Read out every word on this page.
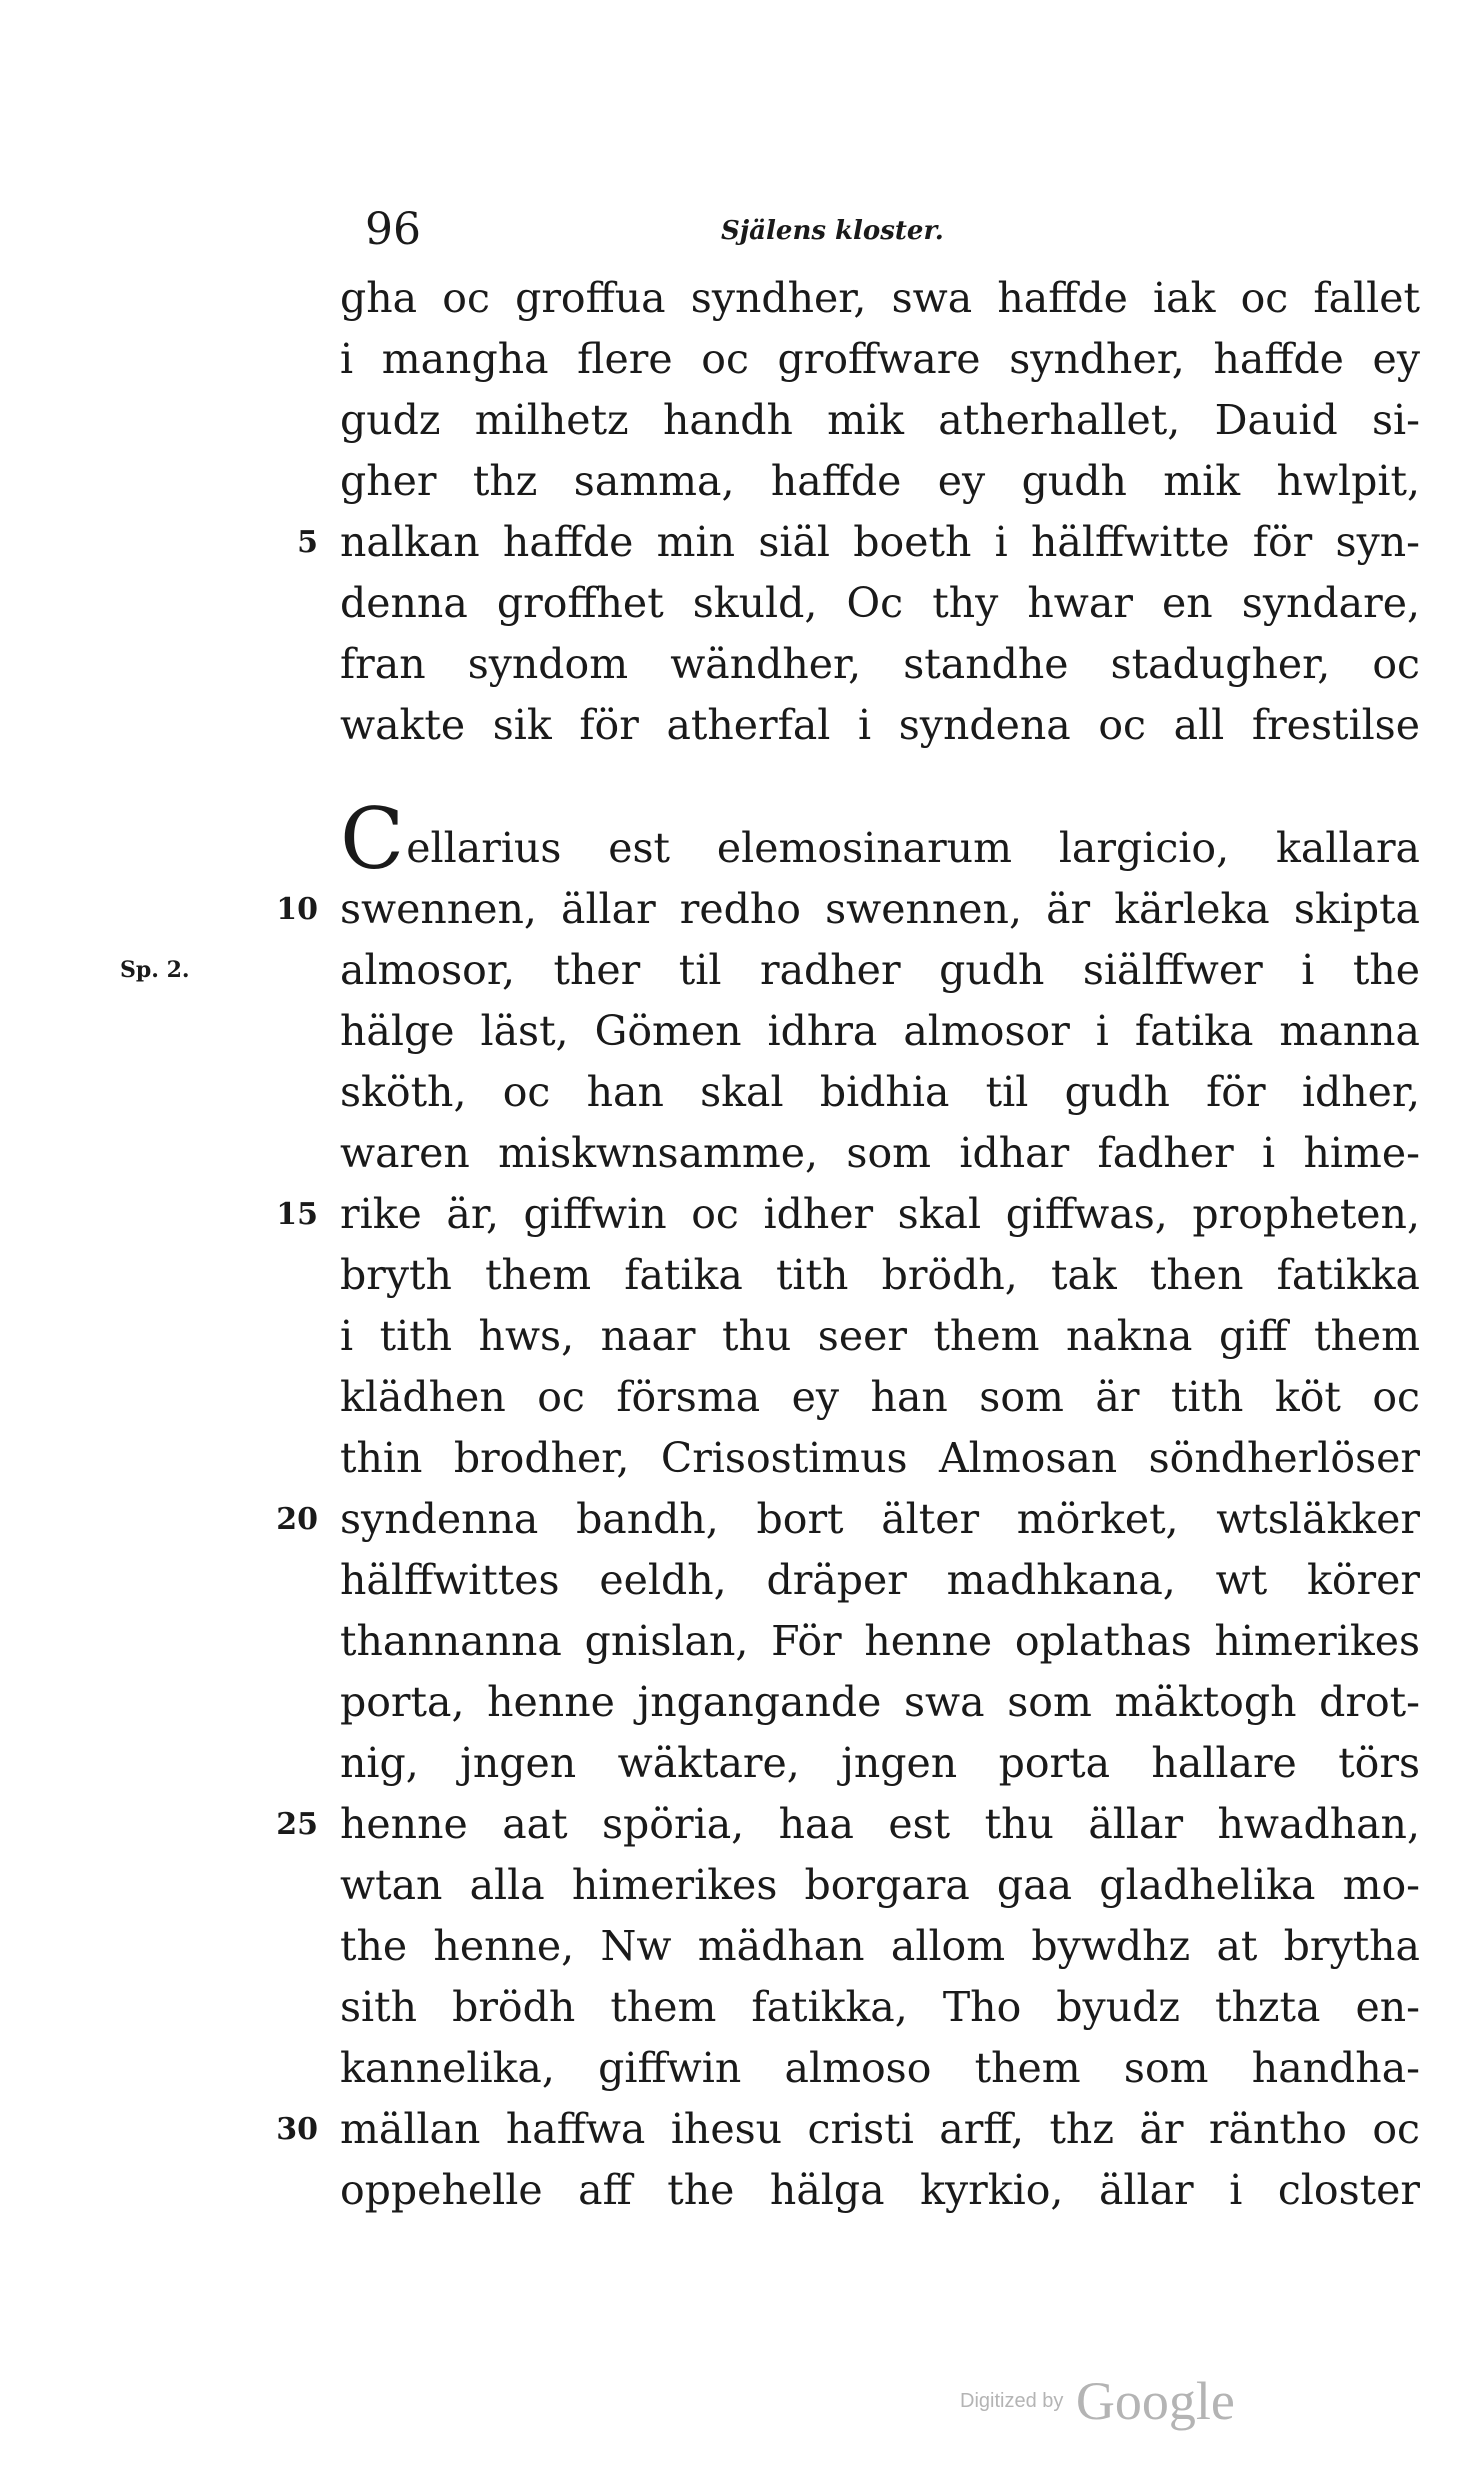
96	Själens kloster.
gha oc groffua syndher, swa haffde iak oc fallet
i mangha flere oc groffware syndher, haffde ey
gudz milhetz handh mik atherhallet, Dauid si-
gher thz samma, haffde ey gudh mik hwlpit,
5 nalkan haffde min siäl boeth i hälffwitte för syn-
denna groffhet skuld, Oc thy hwar en syndare,
fran syndom wändher, standhe stadugher, oc
wakte sik för atherfal i syndena oc all frestilse
Cellarius est elemosinarum largicio, kallara
10 swennen, ällar redho swennen, är kärleka skipta
Sp. 2.	almosor, ther til radher gudh siälffwer i the
hälge läst, Gömen idhra almosor i fatika manna
sköth, oc han skal bidhia til gudh för idher,
waren miskwnsamme, som idhar fadher i hime-
15 rike är, giffwin oc idher skal giffwas, propheten,
bryth them fatika tith brödh, tak then fatikka
i tith hws, naar thu seer them nakna giff them
klädhen oc försma ey han som är tith köt oc
thin brodher, Crisostimus Almosan söndherlöser
20 syndenna bandh, bort älter mörket, wtsläkker
hälffwittes eeldh, dräper madhkana, wt körer
thannanna gnislan, För henne oplathas himerikes
porta, henne jngangande swa som mäktogh drot-
nig, jngen wäktare, jngen porta hallare törs
25 henne aat spöria, haa est thu ällar hwadhan,
wtan alla himerikes borgara gaa gladhelika mo-
the henne, Nw mädhan allom bywdhz at brytha
sith brödh them fatikka, Tho byudz thzta en-
kannelika, giffwin almoso them som handha-
30 mällan haffwa ihesu cristi arff, thz är räntho oc
oppehelle aff the hälga kyrkio, ällar i closter
Digitized by Google
